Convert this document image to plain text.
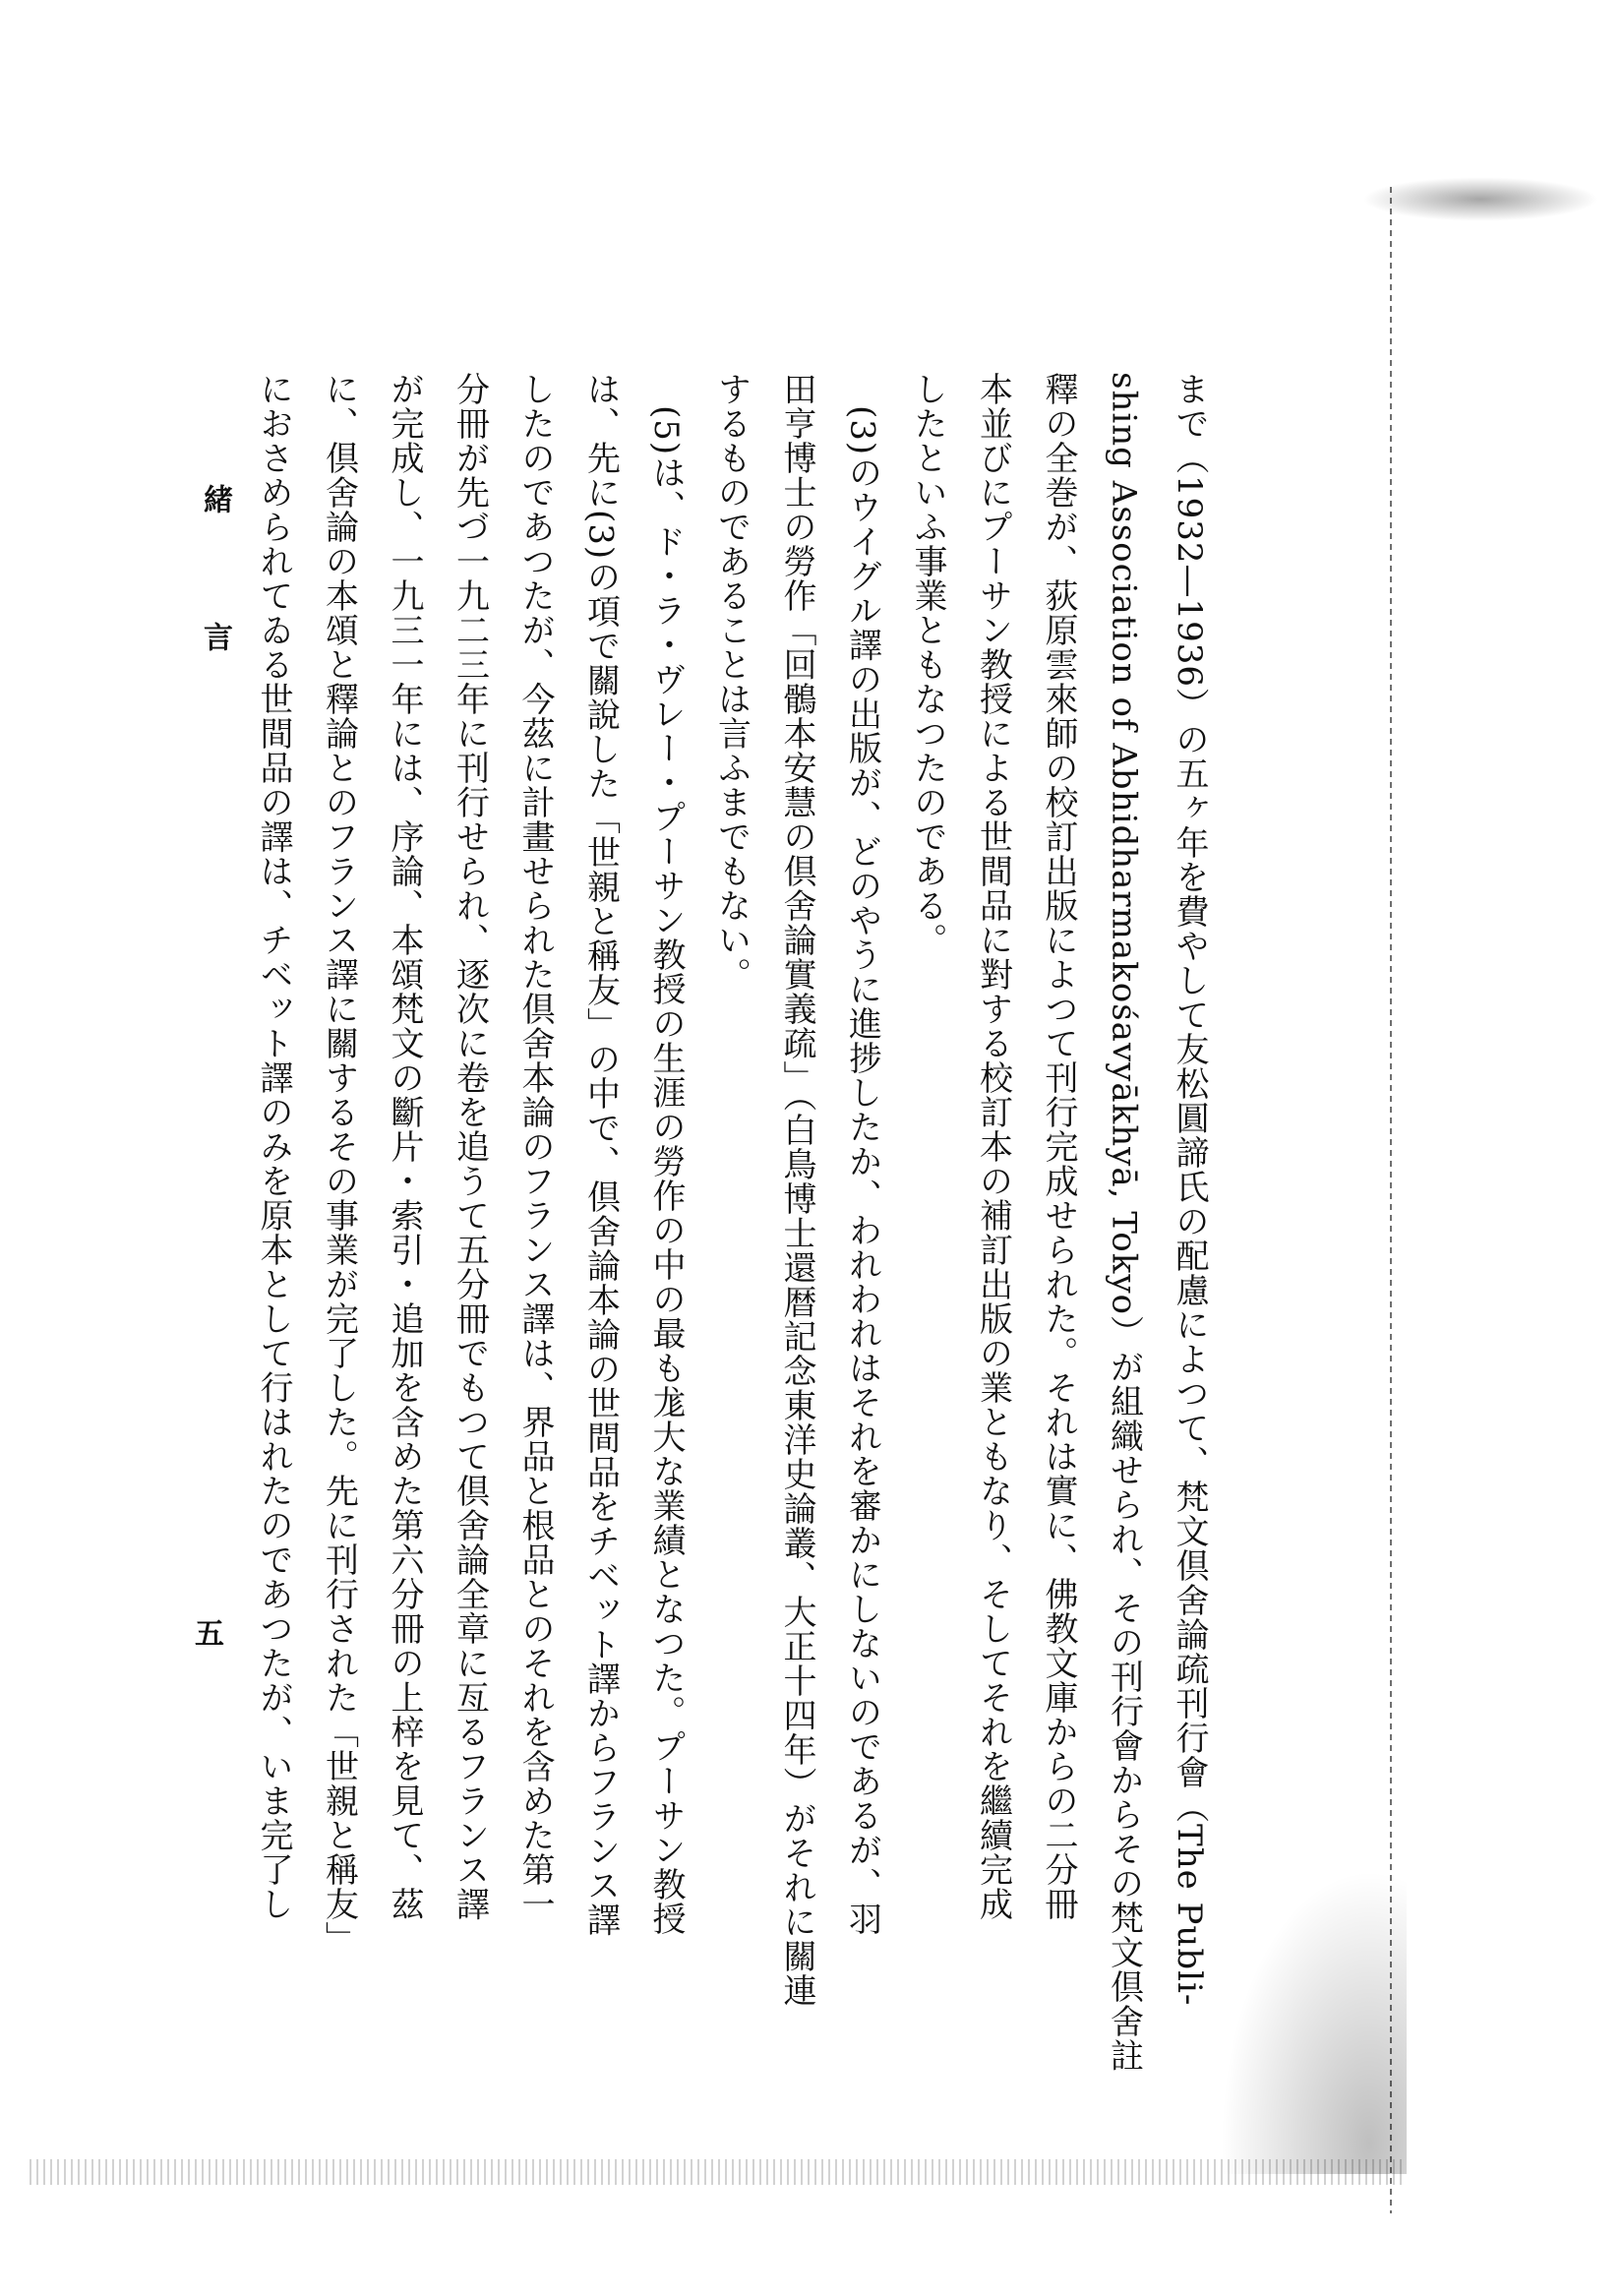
まで（1932—1936）の五ヶ年を費やして友松圓諦氏の配慮によつて、梵文倶舍論疏刊行會（The Publi-
shing Association of Abhidharmakośavyākhyā, Tokyo）が組織せられ、その刊行會からその梵文倶舍註
釋の全巻が、荻原雲來師の校訂出版によつて刊行完成せられた。それは實に、佛教文庫からの二分冊
本並びにプーサン教授による世間品に對する校訂本の補訂出版の業ともなり、そしてそれを繼續完成
したといふ事業ともなつたのである。
(3)のウイグル譯の出版が、どのやうに進捗したか、われわれはそれを審かにしないのであるが、羽
田亨博士の勞作「回鶻本安慧の倶舍論實義疏」（白鳥博士還暦記念東洋史論叢、大正十四年）がそれに關連
するものであることは言ふまでもない。
(5)は、ド・ラ・ヴレー・プーサン教授の生涯の勞作の中の最も尨大な業績となつた。プーサン教授
は、先に(3)の項で關說した「世親と稱友」の中で、倶舍論本論の世間品をチベット譯からフランス譯
したのであつたが、今茲に計畫せられた倶舍本論のフランス譯は、界品と根品とのそれを含めた第一
分冊が先づ一九二三年に刊行せられ、逐次に卷を追うて五分冊でもつて倶舍論全章に亙るフランス譯
が完成し、一九三一年には、序論、本頌梵文の斷片・索引・追加を含めた第六分冊の上梓を見て、茲
に、倶舍論の本頌と釋論とのフランス譯に關するその事業が完了した。先に刊行された「世親と稱友」
におさめられてゐる世間品の譯は、チベット譯のみを原本として行はれたのであつたが、いま完了し
緒　言
五
